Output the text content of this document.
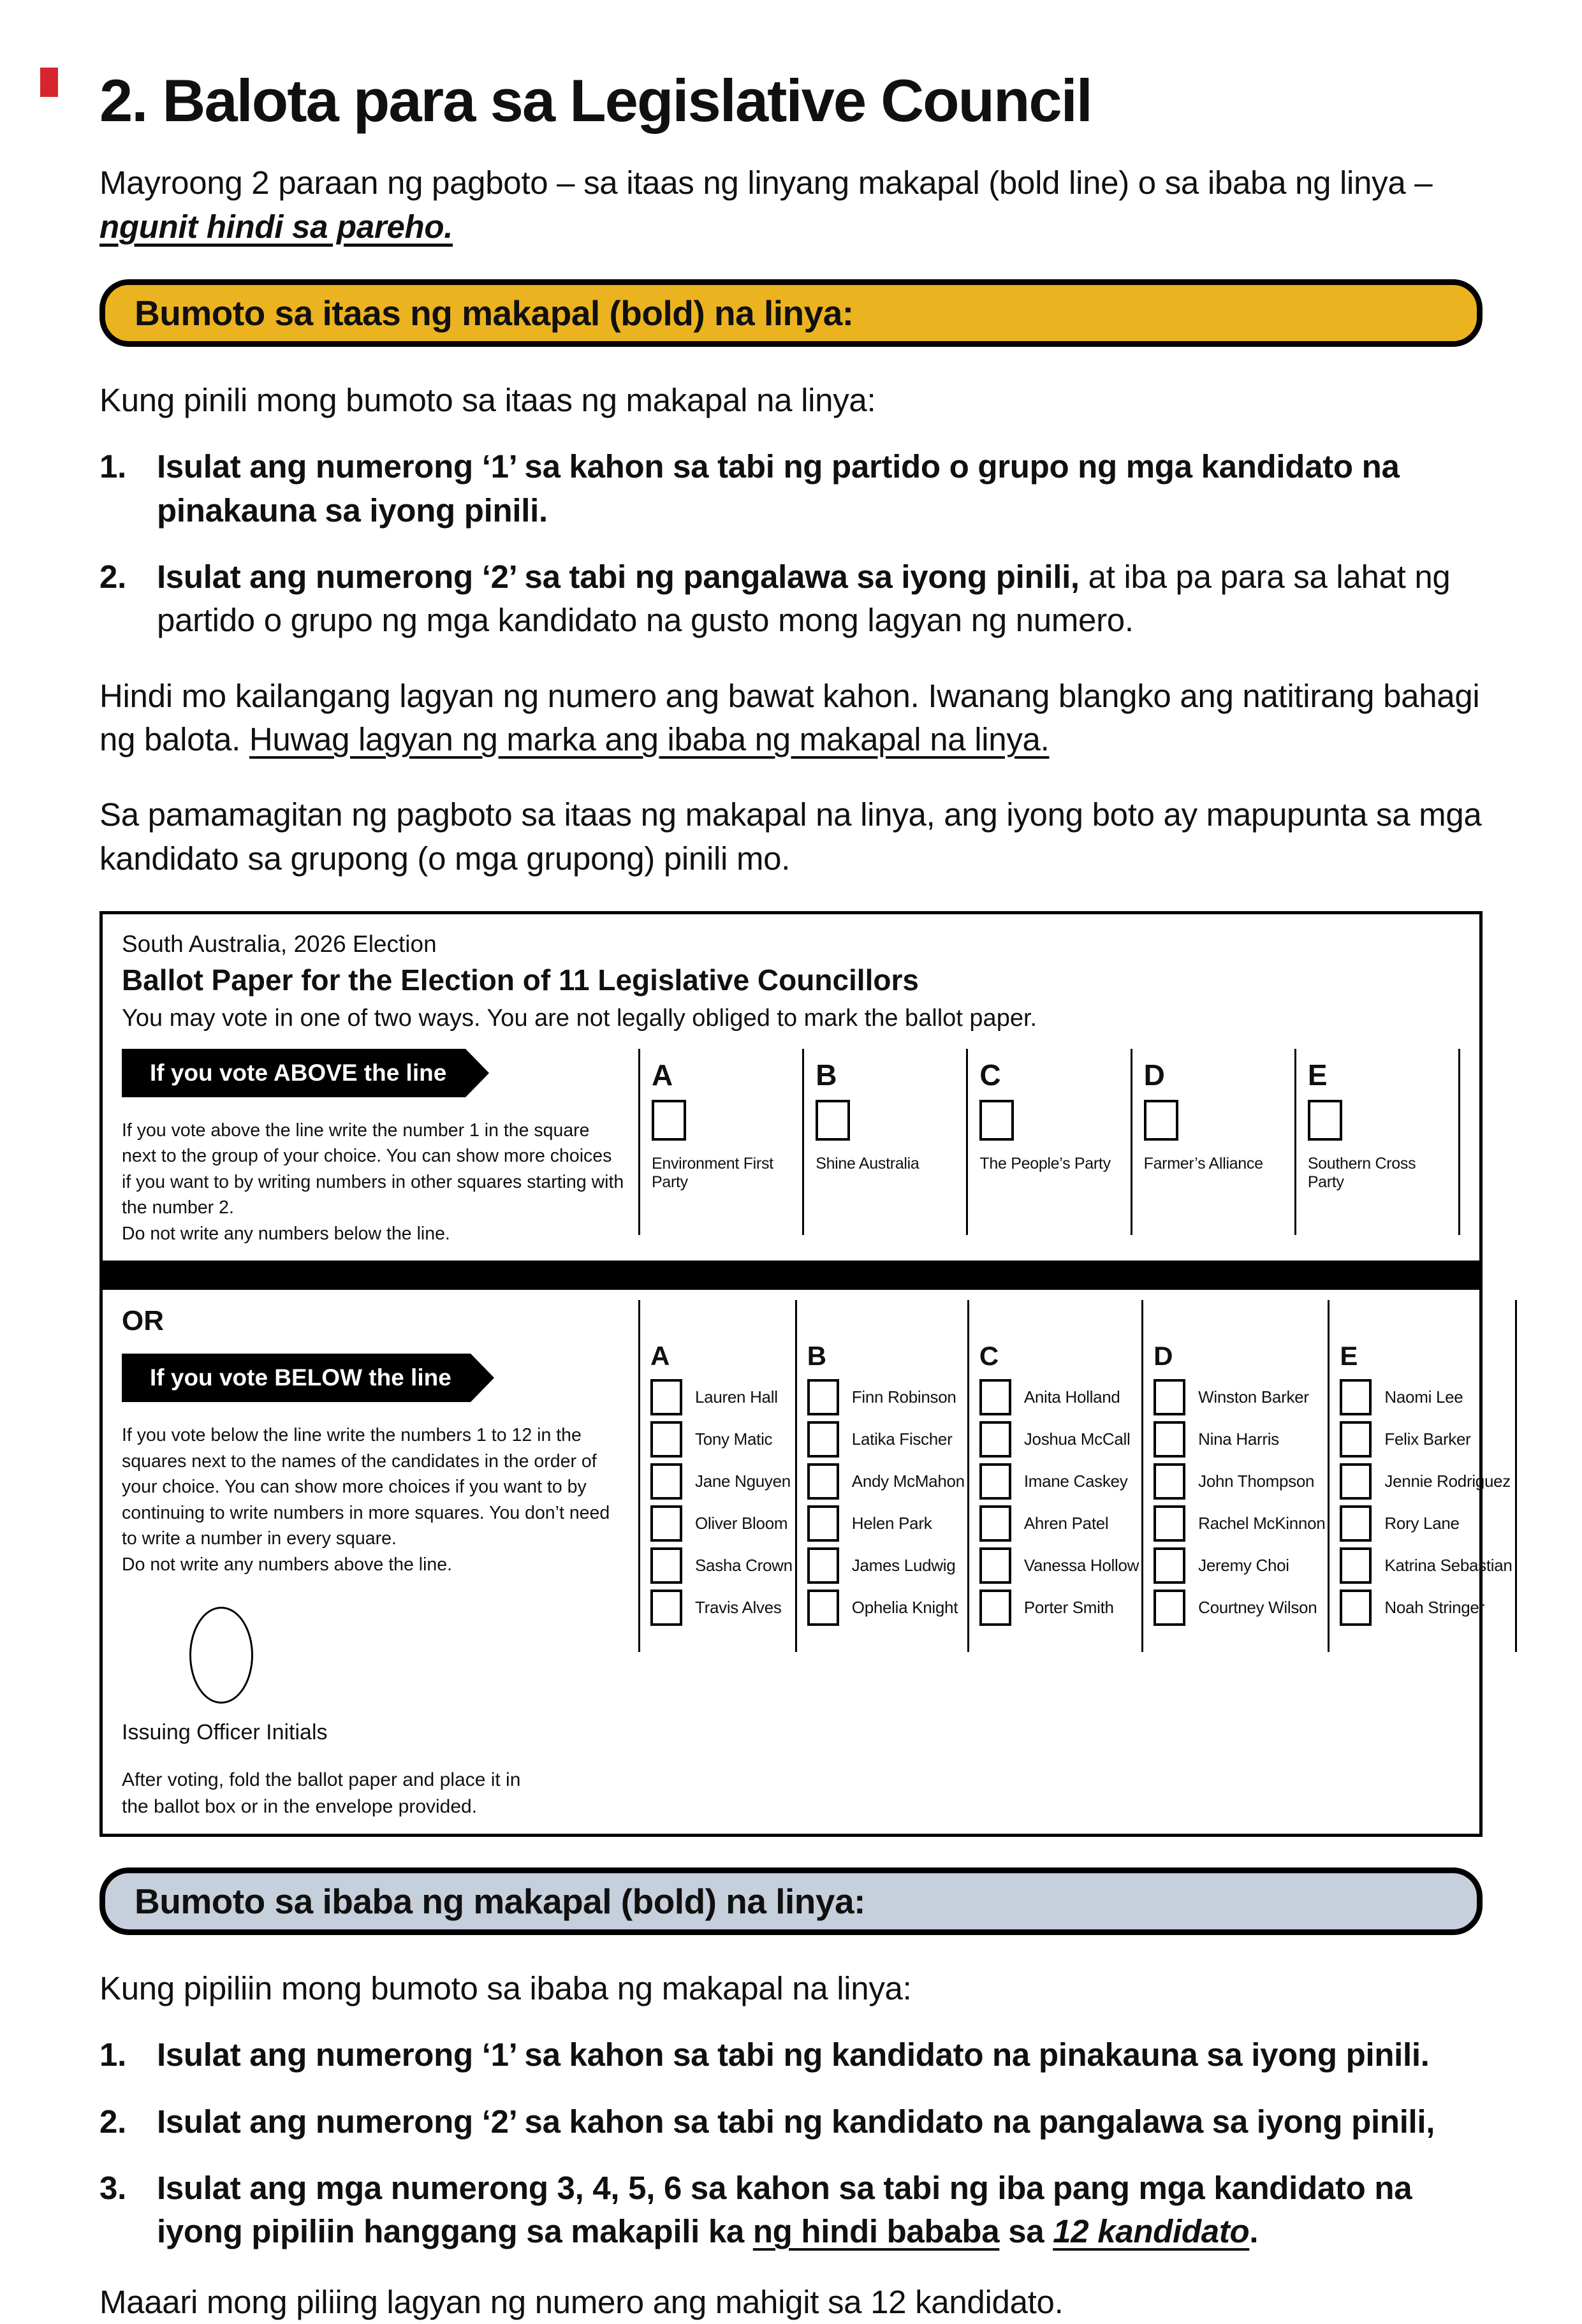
2. Balota para sa Legislative Council
Mayroong 2 paraan ng pagboto – sa itaas ng linyang makapal (bold line) o sa ibaba ng linya –
ngunit hindi sa pareho.
Bumoto sa itaas ng makapal (bold) na linya:

Kung pinili mong bumoto sa itaas ng makapal na linya:

1. Isulat ang numerong ‘1’ sa kahon sa tabi ng partido o grupo ng mga kandidato na pinakauna sa iyong pinili.
2. Isulat ang numerong ‘2’ sa tabi ng pangalawa sa iyong pinili, at iba pa para sa lahat ng partido o grupo ng mga kandidato na gusto mong lagyan ng numero.

Hindi mo kailangang lagyan ng numero ang bawat kahon. Iwanang blangko ang natitirang bahagi ng balota. Huwag lagyan ng marka ang ibaba ng makapal na linya.

Sa pamamagitan ng pagboto sa itaas ng makapal na linya, ang iyong boto ay mapupunta sa mga kandidato sa grupong (o mga grupong) pinili mo.

South Australia, 2026 Election
Ballot Paper for the Election of 11 Legislative Councillors
You may vote in one of two ways. You are not legally obliged to mark the ballot paper.
If you vote ABOVE the line
If you vote above the line write the number 1 in the square next to the group of your choice. You can show more choices if you want to by writing numbers in other squares starting with the number 2.
Do not write any numbers below the line.
A
Environment First Party
B
Shine Australia
C
The People’s Party
D
Farmer’s Alliance
E
Southern Cross Party
OR
If you vote BELOW the line
If you vote below the line write the numbers 1 to 12 in the squares next to the names of the candidates in the order of your choice. You can show more choices if you want to by continuing to write numbers in more squares. You don’t need to write a number in every square.
Do not write any numbers above the line.
Issuing Officer Initials
After voting, fold the ballot paper and place it in the ballot box or in the envelope provided.
A
Lauren Hall
Tony Matic
Jane Nguyen
Oliver Bloom
Sasha Crown
Travis Alves
B
Finn Robinson
Latika Fischer
Andy McMahon
Helen Park
James Ludwig
Ophelia Knight
C
Anita Holland
Joshua McCall
Imane Caskey
Ahren Patel
Vanessa Hollow
Porter Smith
D
Winston Barker
Nina Harris
John Thompson
Rachel McKinnon
Jeremy Choi
Courtney Wilson
E
Naomi Lee
Felix Barker
Jennie Rodriguez
Rory Lane
Katrina Sebastian
Noah Stringer
Bumoto sa ibaba ng makapal (bold) na linya:

Kung pipiliin mong bumoto sa ibaba ng makapal na linya:

1. Isulat ang numerong ‘1’ sa kahon sa tabi ng kandidato na pinakauna sa iyong pinili.
2. Isulat ang numerong ‘2’ sa kahon sa tabi ng kandidato na pangalawa sa iyong pinili,
3. Isulat ang mga numerong 3, 4, 5, 6 sa kahon sa tabi ng iba pang mga kandidato na iyong pipiliin hanggang sa makapili ka ng hindi bababa sa 12 kandidato.

Maaari mong piliing lagyan ng numero ang mahigit sa 12 kandidato.
